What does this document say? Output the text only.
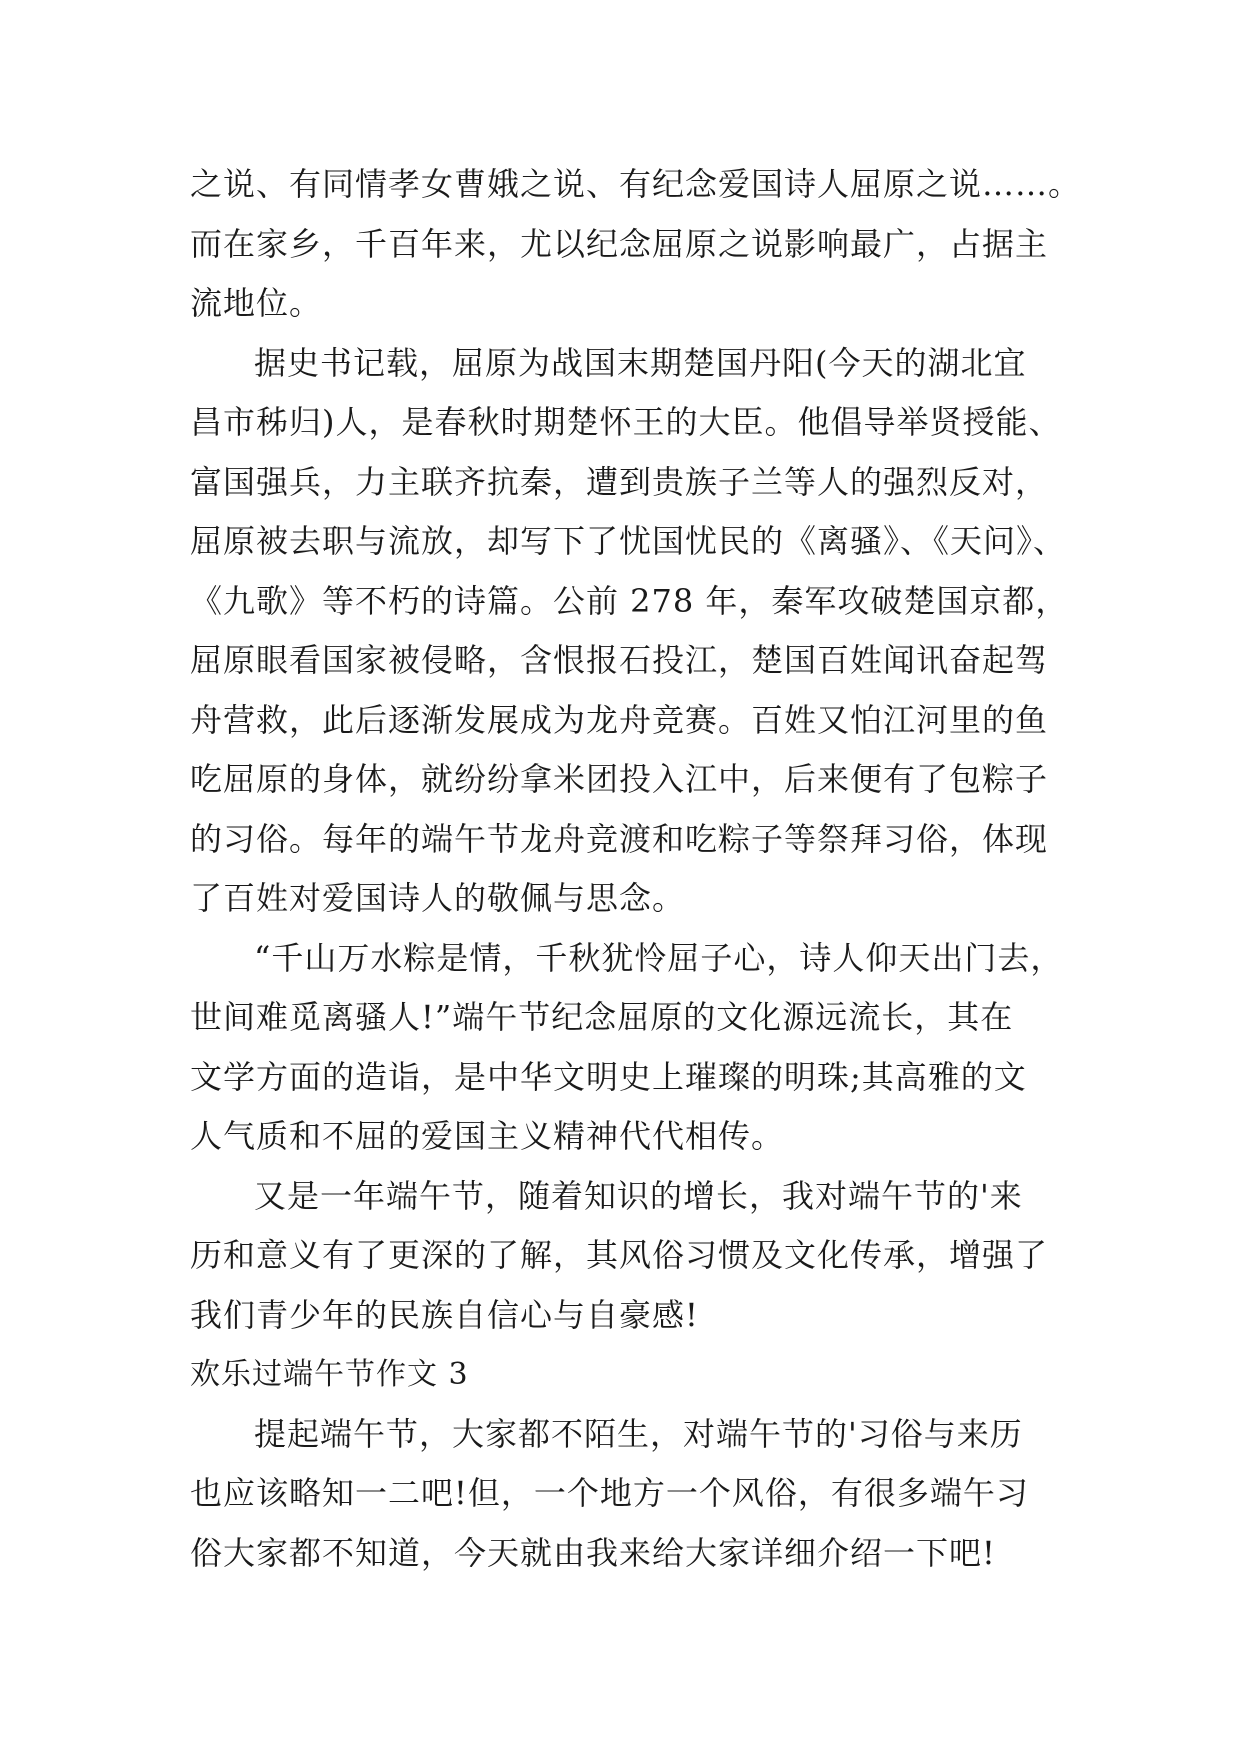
之说、有同情孝女曹娥之说、有纪念爱国诗人屈原之说……。
而在家乡，千百年来，尤以纪念屈原之说影响最广，占据主
流地位。
据史书记载，屈原为战国末期楚国丹阳(今天的湖北宜
昌市秭归)人，是春秋时期楚怀王的大臣。他倡导举贤授能、
富国强兵，力主联齐抗秦，遭到贵族子兰等人的强烈反对，
屈原被去职与流放，却写下了忧国忧民的《离骚》、《天问》、
《九歌》等不朽的诗篇。公前 278 年，秦军攻破楚国京都，
屈原眼看国家被侵略，含恨报石投江，楚国百姓闻讯奋起驾
舟营救，此后逐渐发展成为龙舟竞赛。百姓又怕江河里的鱼
吃屈原的身体，就纷纷拿米团投入江中，后来便有了包粽子
的习俗。每年的端午节龙舟竞渡和吃粽子等祭拜习俗，体现
了百姓对爱国诗人的敬佩与思念。
“千山万水粽是情，千秋犹怜屈子心，诗人仰天出门去，
世间难觅离骚人!”端午节纪念屈原的文化源远流长，其在
文学方面的造诣，是中华文明史上璀璨的明珠;其高雅的文
人气质和不屈的爱国主义精神代代相传。
又是一年端午节，随着知识的增长，我对端午节的'来
历和意义有了更深的了解，其风俗习惯及文化传承，增强了
我们青少年的民族自信心与自豪感!
欢乐过端午节作文 3
提起端午节，大家都不陌生，对端午节的'习俗与来历
也应该略知一二吧!但，一个地方一个风俗，有很多端午习
俗大家都不知道，今天就由我来给大家详细介绍一下吧!
